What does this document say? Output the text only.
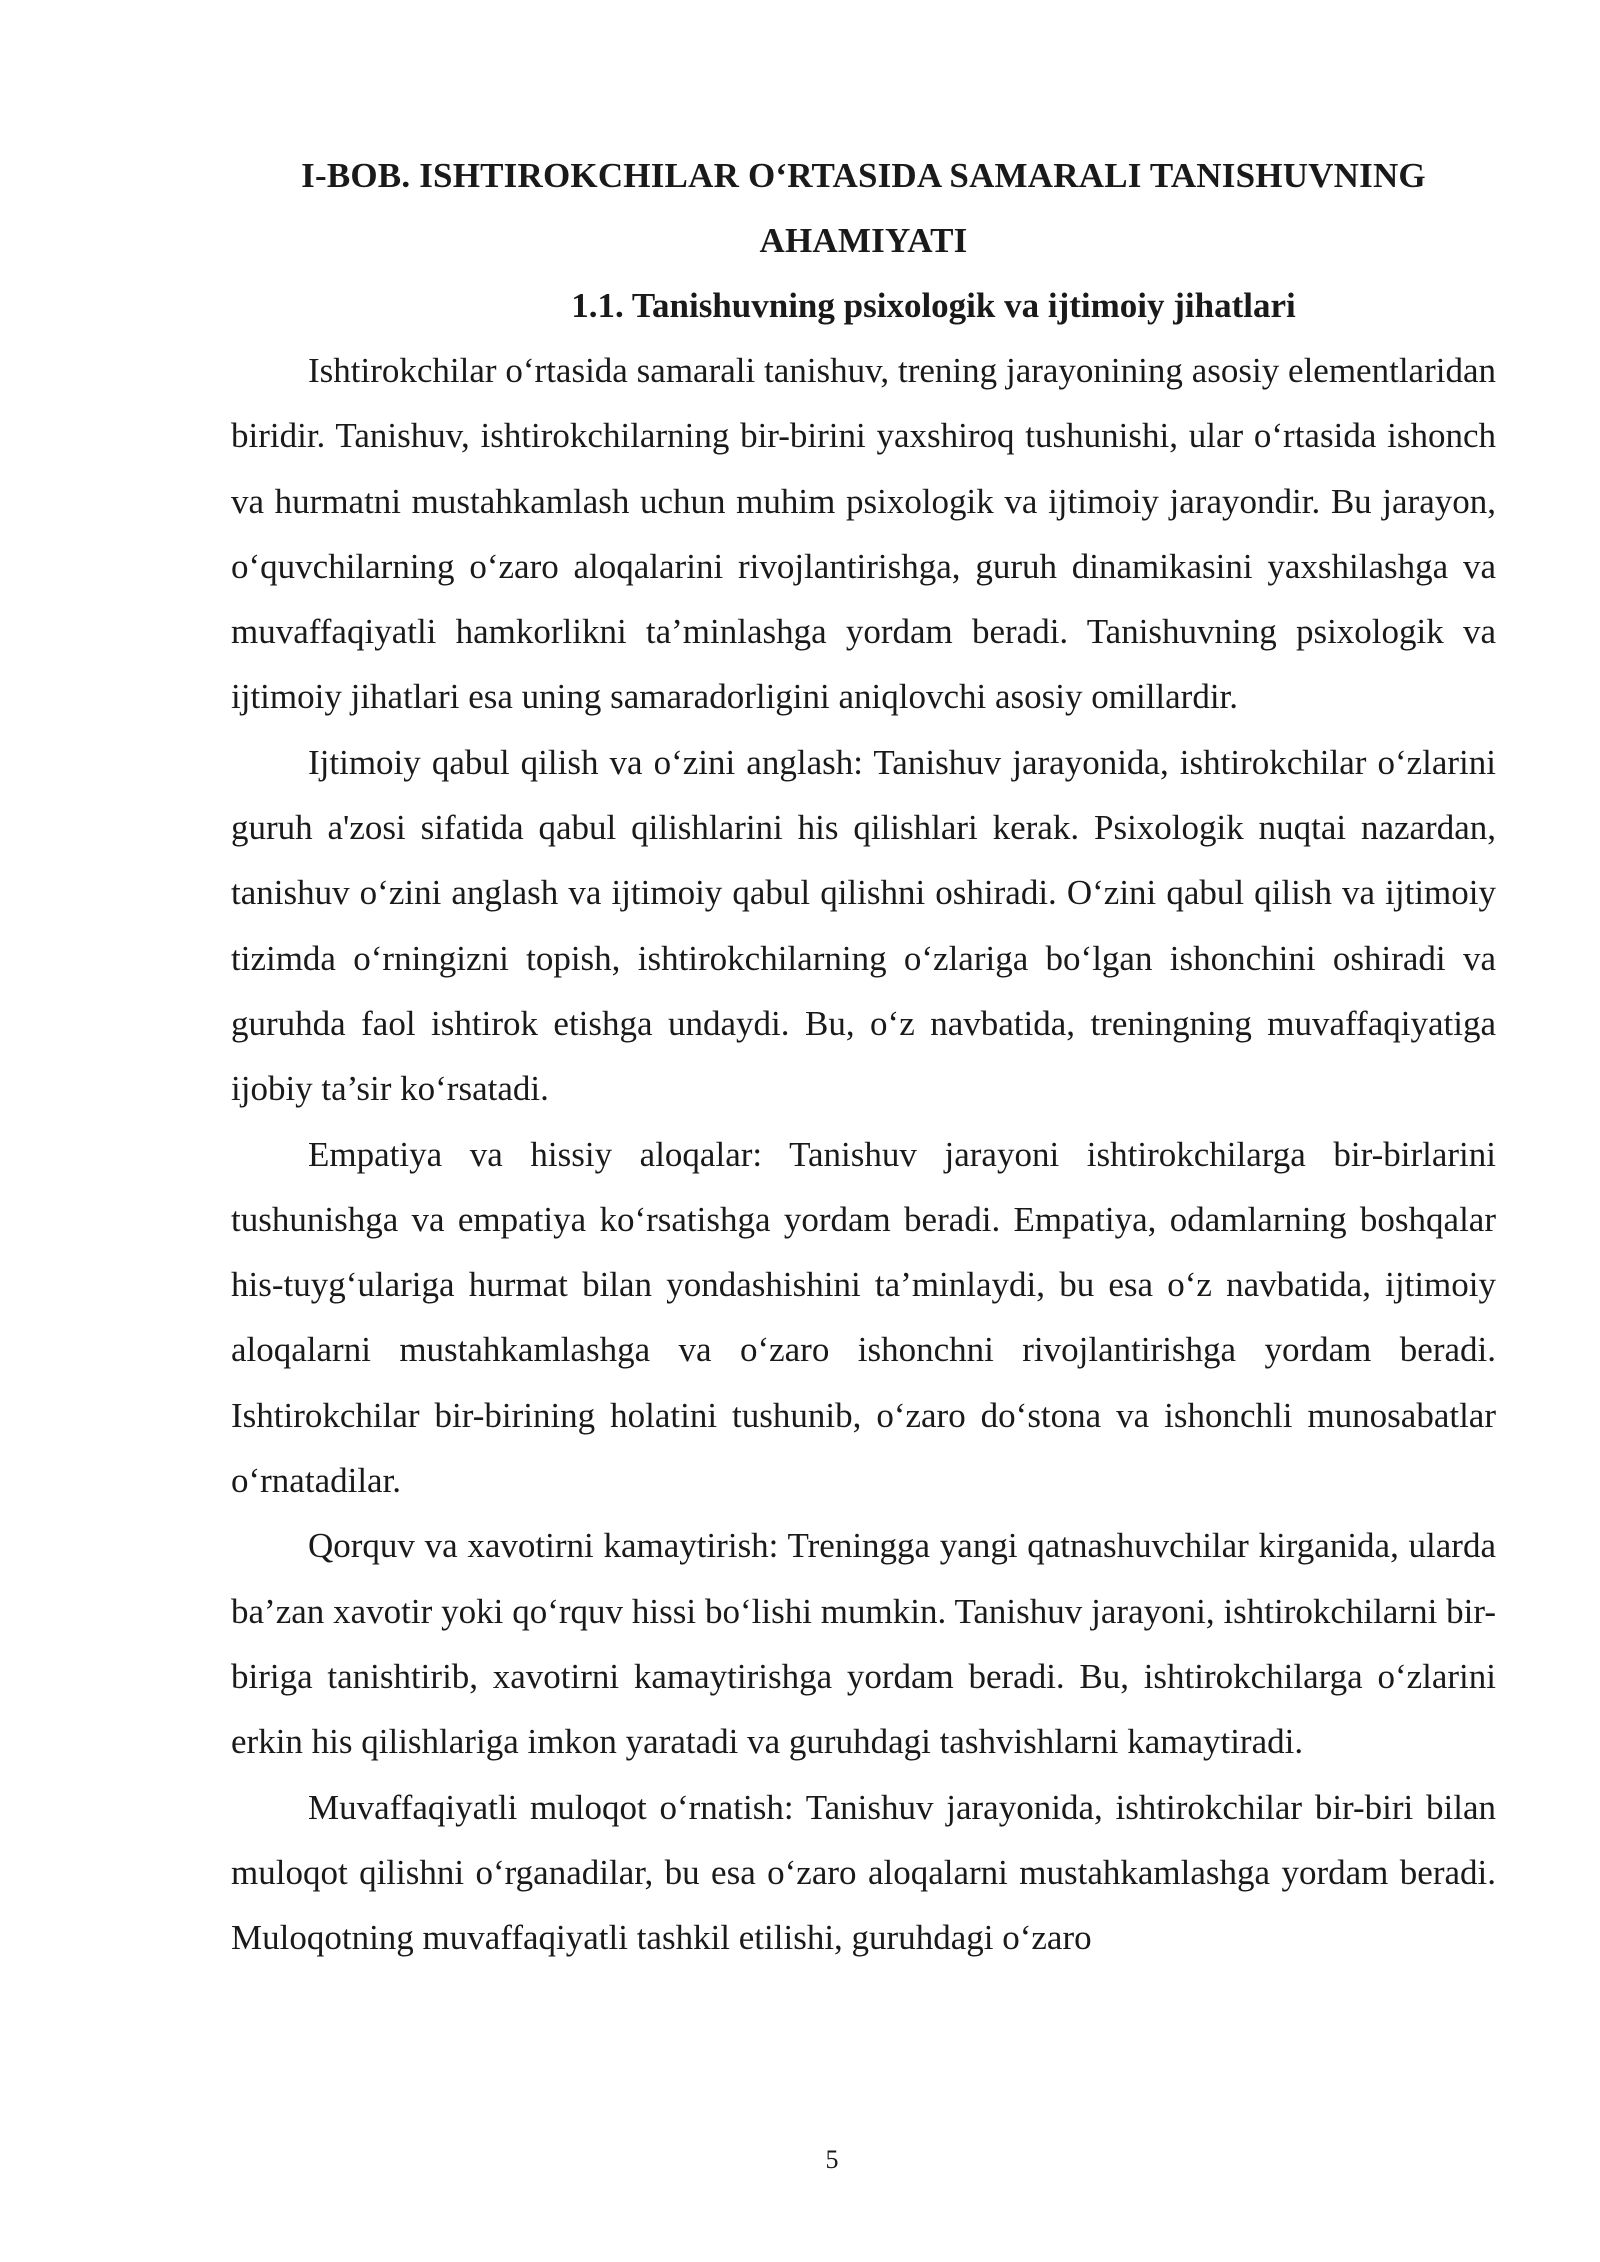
I-BOB. ISHTIROKCHILAR O‘RTASIDA SAMARALI TANISHUVNING AHAMIYATI
1.1. Tanishuvning psixologik va ijtimoiy jihatlari

Ishtirokchilar o‘rtasida samarali tanishuv, trening jarayonining asosiy elementlaridan biridir. Tanishuv, ishtirokchilarning bir-birini yaxshiroq tushunishi, ular o‘rtasida ishonch va hurmatni mustahkamlash uchun muhim psixologik va ijtimoiy jarayondir. Bu jarayon, o‘quvchilarning o‘zaro aloqalarini rivojlantirishga, guruh dinamikasini yaxshilashga va muvaffaqiyatli hamkorlikni ta’minlashga yordam beradi. Tanishuvning psixologik va ijtimoiy jihatlari esa uning samaradorligini aniqlovchi asosiy omillardir.

Ijtimoiy qabul qilish va o‘zini anglash: Tanishuv jarayonida, ishtirokchilar o‘zlarini guruh a'zosi sifatida qabul qilishlarini his qilishlari kerak. Psixologik nuqtai nazardan, tanishuv o‘zini anglash va ijtimoiy qabul qilishni oshiradi. O‘zini qabul qilish va ijtimoiy tizimda o‘rningizni topish, ishtirokchilarning o‘zlariga bo‘lgan ishonchini oshiradi va guruhda faol ishtirok etishga undaydi. Bu, o‘z navbatida, treningning muvaffaqiyatiga ijobiy ta’sir ko‘rsatadi.

Empatiya va hissiy aloqalar: Tanishuv jarayoni ishtirokchilarga bir-birlarini tushunishga va empatiya ko‘rsatishga yordam beradi. Empatiya, odamlarning boshqalar his-tuyg‘ulariga hurmat bilan yondashishini ta’minlaydi, bu esa o‘z navbatida, ijtimoiy aloqalarni mustahkamlashga va o‘zaro ishonchni rivojlantirishga yordam beradi. Ishtirokchilar bir-birining holatini tushunib, o‘zaro do‘stona va ishonchli munosabatlar o‘rnatadilar.

Qorquv va xavotirni kamaytirish: Treningga yangi qatnashuvchilar kirganida, ularda ba’zan xavotir yoki qo‘rquv hissi bo‘lishi mumkin. Tanishuv jarayoni, ishtirokchilarni bir-biriga tanishtirib, xavotirni kamaytirishga yordam beradi. Bu, ishtirokchilarga o‘zlarini erkin his qilishlariga imkon yaratadi va guruhdagi tashvishlarni kamaytiradi.

Muvaffaqiyatli muloqot o‘rnatish: Tanishuv jarayonida, ishtirokchilar bir-biri bilan muloqot qilishni o‘rganadilar, bu esa o‘zaro aloqalarni mustahkamlashga yordam beradi. Muloqotning muvaffaqiyatli tashkil etilishi, guruhdagi o‘zaro

5
